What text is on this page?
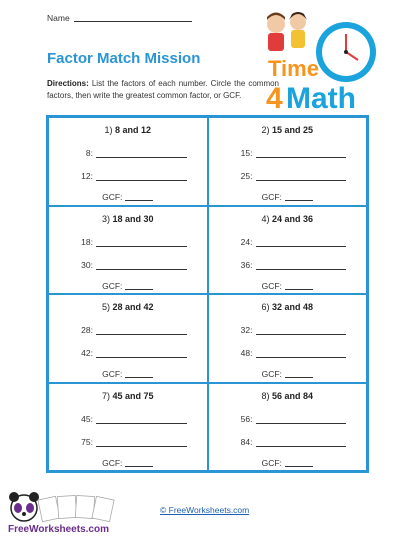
Name
Factor Match Mission
Directions: List the factors of each number. Circle the common factors, then write the greatest common factor, or GCF.
Time
4 Math
1) 8 and 12
8:
12:
GCF:
2) 15 and 25
15:
25:
GCF:
3) 18 and 30
18:
30:
GCF:
4) 24 and 36
24:
36:
GCF:
5) 28 and 42
28:
42:
GCF:
6) 32 and 48
32:
48:
GCF:
7) 45 and 75
45:
75:
GCF:
8) 56 and 84
56:
84:
GCF:
FreeWorksheets.com
© FreeWorksheets.com
